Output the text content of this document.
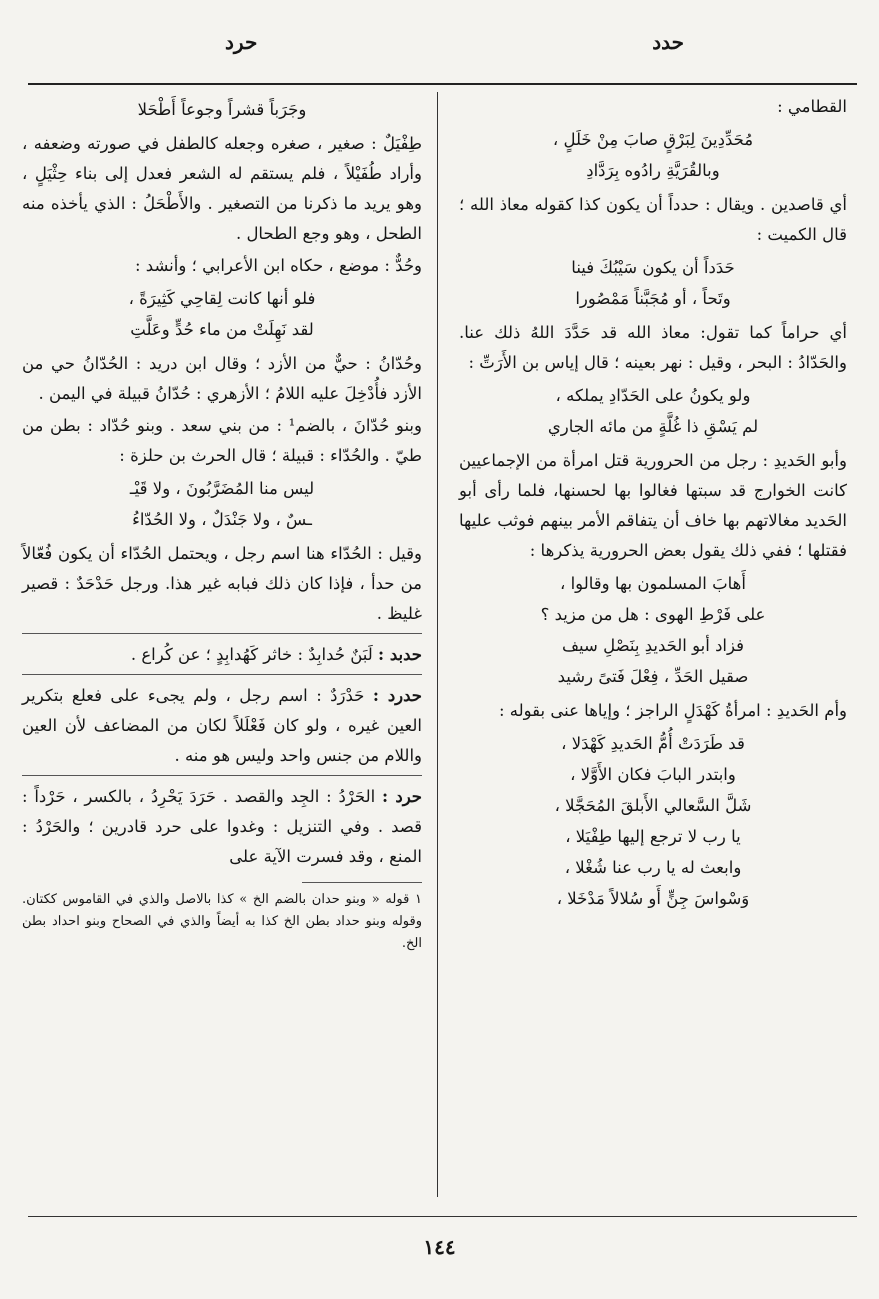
حدد
حرد
القطامي :
مُحَدِّدِينَ لِبَرْقٍ صابَ مِنْ خَلَلٍ ،
وبالقُرَيَّةِ رادُوه بِرَدَّادِ
أي قاصدين . ويقال : حدداً أن يكون كذا كقوله معاذ الله ؛ قال الكميت :
حَدَداً أن يكون سَيْبُكَ فينا
وتَحاً ، أو مُجَبَّناً مَمْصُورا
أي حراماً كما تقول: معاذ الله قد حَدَّدَ اللهُ ذلك عنا. والحَدّادُ : البحر ، وقيل : نهر بعينه ؛ قال إياس بن الأَرَتِّ :
ولو يكونُ على الحَدّادِ يملكه ،
لم يَسْقِ ذا غُلَّةٍ من مائه الجاري
وأبو الحَديدِ : رجل من الحرورية قتل امرأة من الإجماعيين كانت الخوارج قد سبتها فغالوا بها لحسنها، فلما رأى أبو الحَديد مغالاتهم بها خاف أن يتفاقم الأمر بينهم فوثب عليها فقتلها ؛ ففي ذلك يقول بعض الحرورية يذكرها :
أَهابَ المسلمون بها وقالوا ،
على فَرْطِ الهوى : هل من مزيد ؟
فزاد أبو الحَديدِ بِنَصْلِ سيف
صقيل الحَدِّ ، فِعْلَ فَتىً رشيد
وأم الحَديدِ : امرأةُ كَهْدَلٍ الراجز ؛ وإياها عنى بقوله :
قد طَرَدَتْ أُمُّ الحَديدِ كَهْدَلا ،
وابتدر البابَ فكان الأَوَّلا ،
شَلَّ السَّعالي الأَبلقَ المُحَجَّلا ،
يا رب لا ترجع إليها طِفْيَلا ،
وابعث له يا رب عنا شُغْلا ،
وَسْواسَ جِنٍّ أَو سُلالاً مَدْخَلا ،
وجَرَباً قشراً وجوعاً أَطْحَلا
طِفْيَلٌ : صغير ، صغره وجعله كالطفل في صورته وضعفه ، وأراد طُفَيْلاً ، فلم يستقم له الشعر فعدل إلى بناء حِثْيَلٍ ، وهو يريد ما ذكرنا من التصغير . والأَطْحَلُ : الذي يأخذه منه الطحل ، وهو وجع الطحال .
وحُدٌّ : موضع ، حكاه ابن الأعرابي ؛ وأنشد :
فلو أنها كانت لِقاحِي كَثِيرَةً ،
لقد نَهِلَتْ من ماء حُدٍّ وعَلَّتِ
وحُدّانُ : حيٌّ من الأزد ؛ وقال ابن دريد : الحُدّانُ حي من الأزد فأُدْخِلَ عليه اللامُ ؛ الأزهري : حُدّانُ قبيلة في اليمن .
وبنو حُدّانَ ، بالضم¹ : من بني سعد . وبنو حُدّاد : بطن من طيّ . والحُدّاء : قبيلة ؛ قال الحرث بن حلزة :
ليس منا المُضَرَّبُونَ ، ولا قَيْـ
ـسٌ ، ولا جَنْدَلٌ ، ولا الحُدّاءُ
وقيل : الحُدّاء هنا اسم رجل ، ويحتمل الحُدّاء أن يكون فُعّالاً من حدأ ، فإذا كان ذلك فبابه غير هذا. ورجل حَدْحَدٌ : قصير غليظ .
حدبد : لَبَنٌ حُدابِدٌ : خاثر كَهُدابِدٍ ؛ عن كُراع .
حدرد : حَدْرَدٌ : اسم رجل ، ولم يجىء على فعلع بتكرير العين غيره ، ولو كان فَعْلَلاً لكان من المضاعف لأن العين واللام من جنس واحد وليس هو منه .
حرد : الحَرْدُ : الجِد والقصد . حَرَدَ يَحْرِدُ ، بالكسر ، حَرْداً : قصد . وفي التنزيل : وغدوا على حرد قادرين ؛ والحَرْدُ : المنع ، وقد فسرت الآية على
١ قوله « وبنو حدان بالضم الخ » كذا بالاصل والذي في القاموس ككتان. وقوله وبنو حداد بطن الخ كذا به أيضاً والذي في الصحاح وبنو احداد بطن الخ.
١٤٤
